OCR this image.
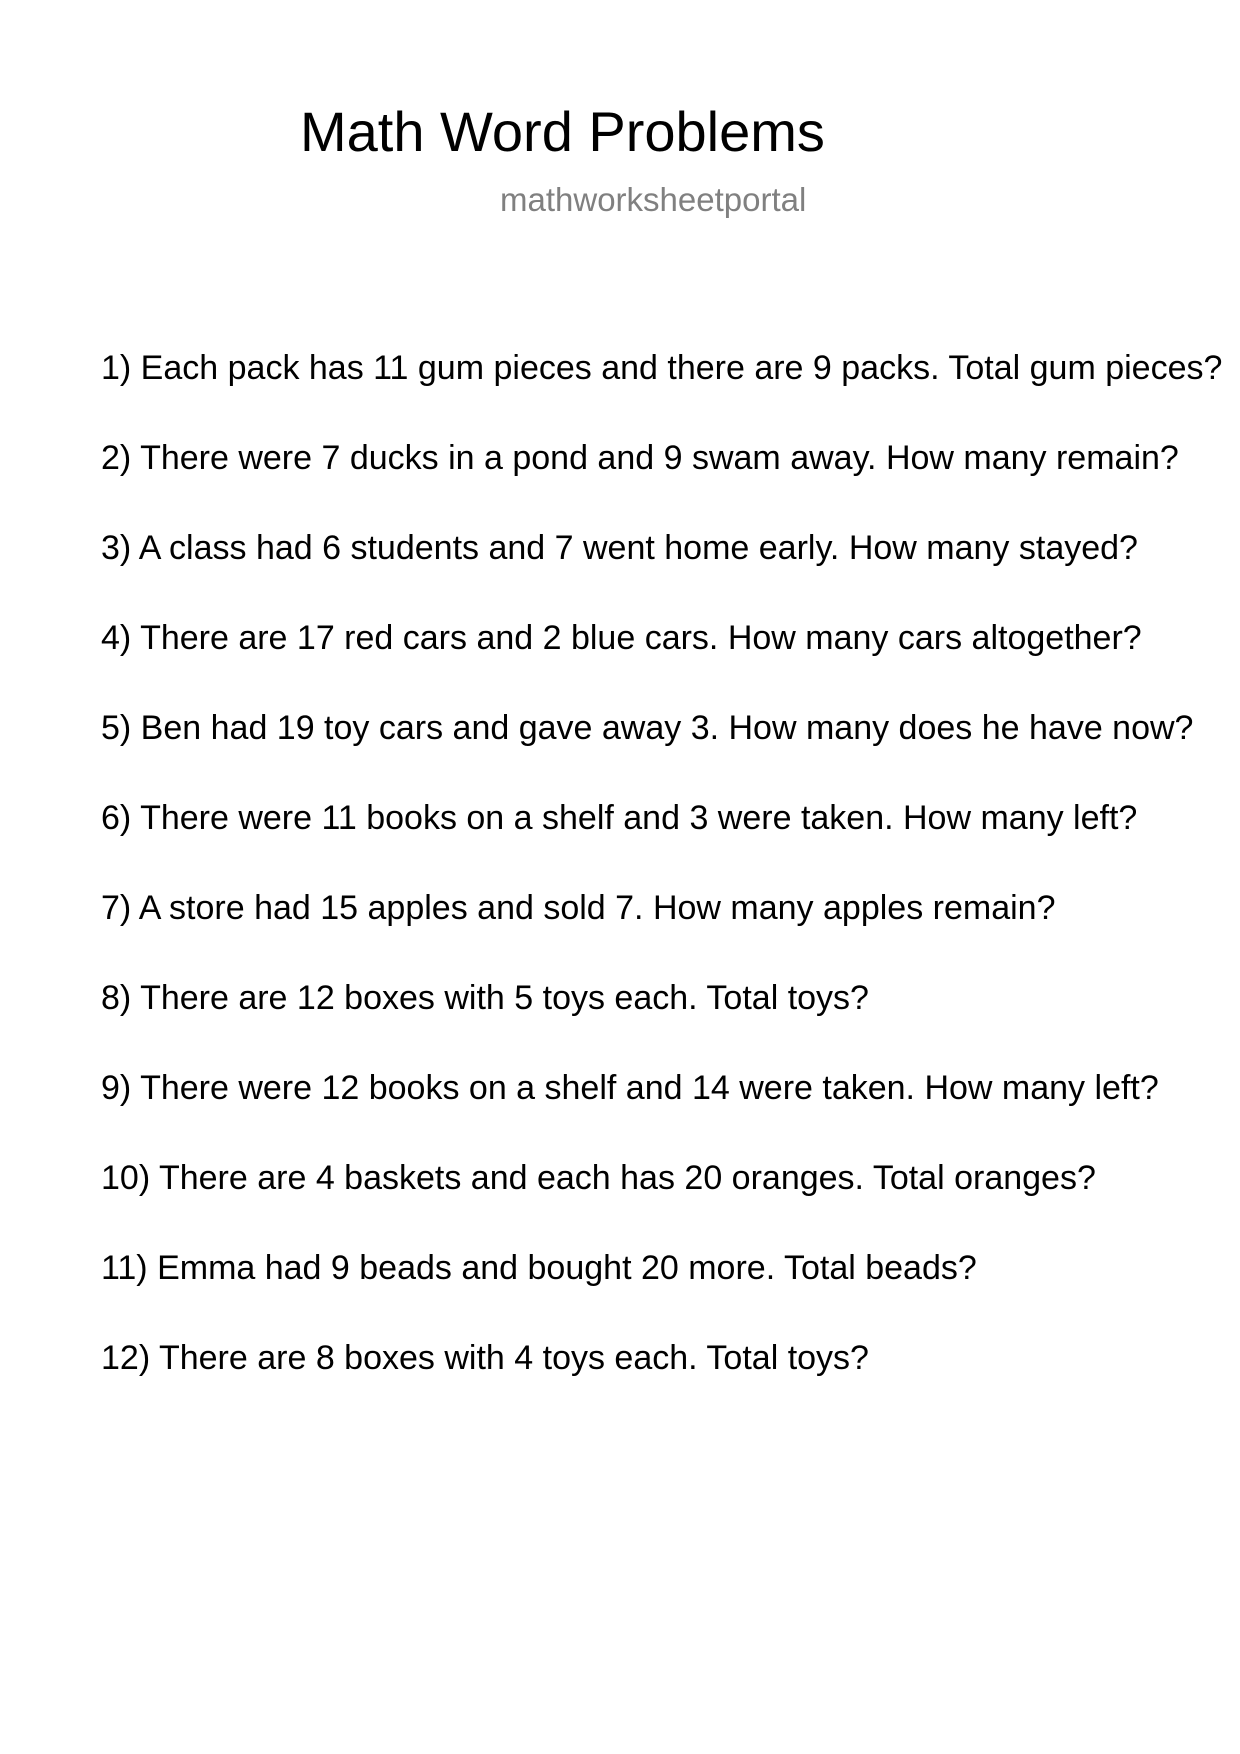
Math Word Problems
mathworksheetportal
1) Each pack has 11 gum pieces and there are 9 packs. Total gum pieces?
2) There were 7 ducks in a pond and 9 swam away. How many remain?
3) A class had 6 students and 7 went home early. How many stayed?
4) There are 17 red cars and 2 blue cars. How many cars altogether?
5) Ben had 19 toy cars and gave away 3. How many does he have now?
6) There were 11 books on a shelf and 3 were taken. How many left?
7) A store had 15 apples and sold 7. How many apples remain?
8) There are 12 boxes with 5 toys each. Total toys?
9) There were 12 books on a shelf and 14 were taken. How many left?
10) There are 4 baskets and each has 20 oranges. Total oranges?
11) Emma had 9 beads and bought 20 more. Total beads?
12) There are 8 boxes with 4 toys each. Total toys?
